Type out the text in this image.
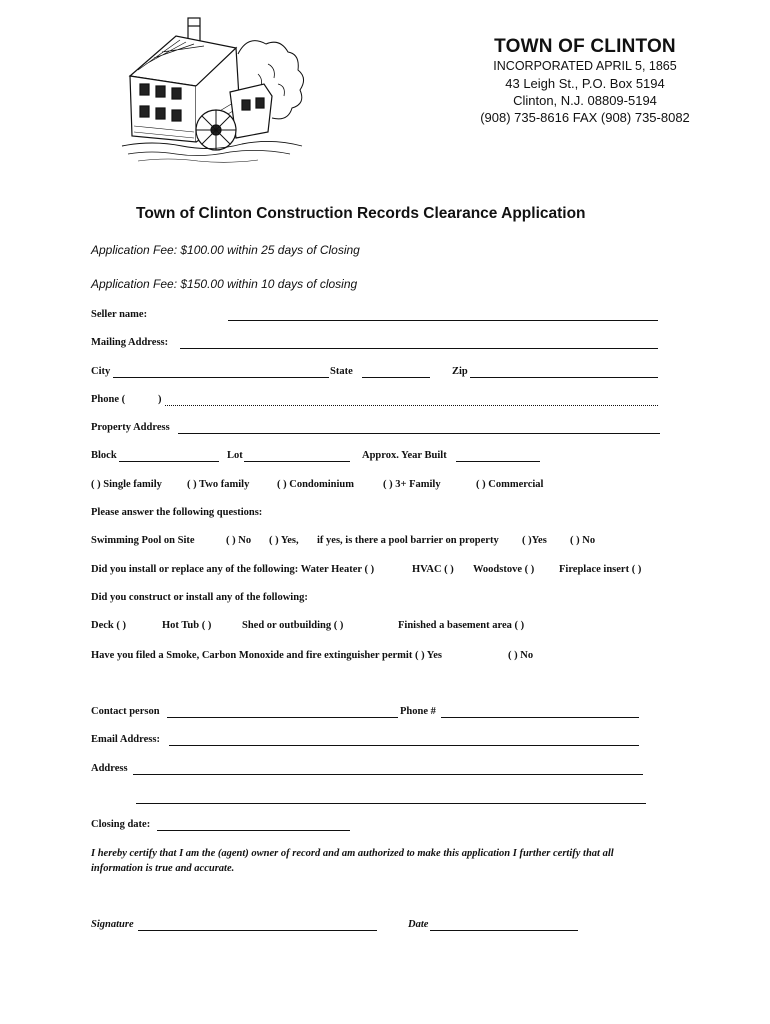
TOWN OF CLINTON
INCORPORATED APRIL 5, 1865
43 Leigh St., P.O. Box 5194
Clinton, N.J. 08809-5194
(908) 735-8616 FAX (908) 735-8082
Town of Clinton Construction Records Clearance Application
Application Fee: $100.00 within 25 days of Closing
Application Fee: $150.00 within 10 days of closing
Seller name:
Mailing Address:
City	State	Zip
Phone (	)
Property Address
Block	Lot	Approx. Year Built
( ) Single family ( ) Two family	( ) Condominium	( ) 3+ Family	( ) Commercial
Please answer the following questions:
Swimming Pool on Site	( ) No ( ) Yes, if yes, is there a pool barrier on property ( )Yes ( ) No
Did you install or replace any of the following: Water Heater ( )	HVAC ( ) Woodstove ( ) Fireplace insert ( )
Did you construct or install any of the following:
Deck ( )	Hot Tub ( )	Shed or outbuilding ( )	Finished a basement area ( )
Have you filed a Smoke, Carbon Monoxide and fire extinguisher permit ( ) Yes	( ) No
Contact person	Phone #
Email Address:
Address
Closing date:
I hereby certify that I am the (agent) owner of record and am authorized to make this application I further certify that all
information is true and accurate.
Signature	Date
